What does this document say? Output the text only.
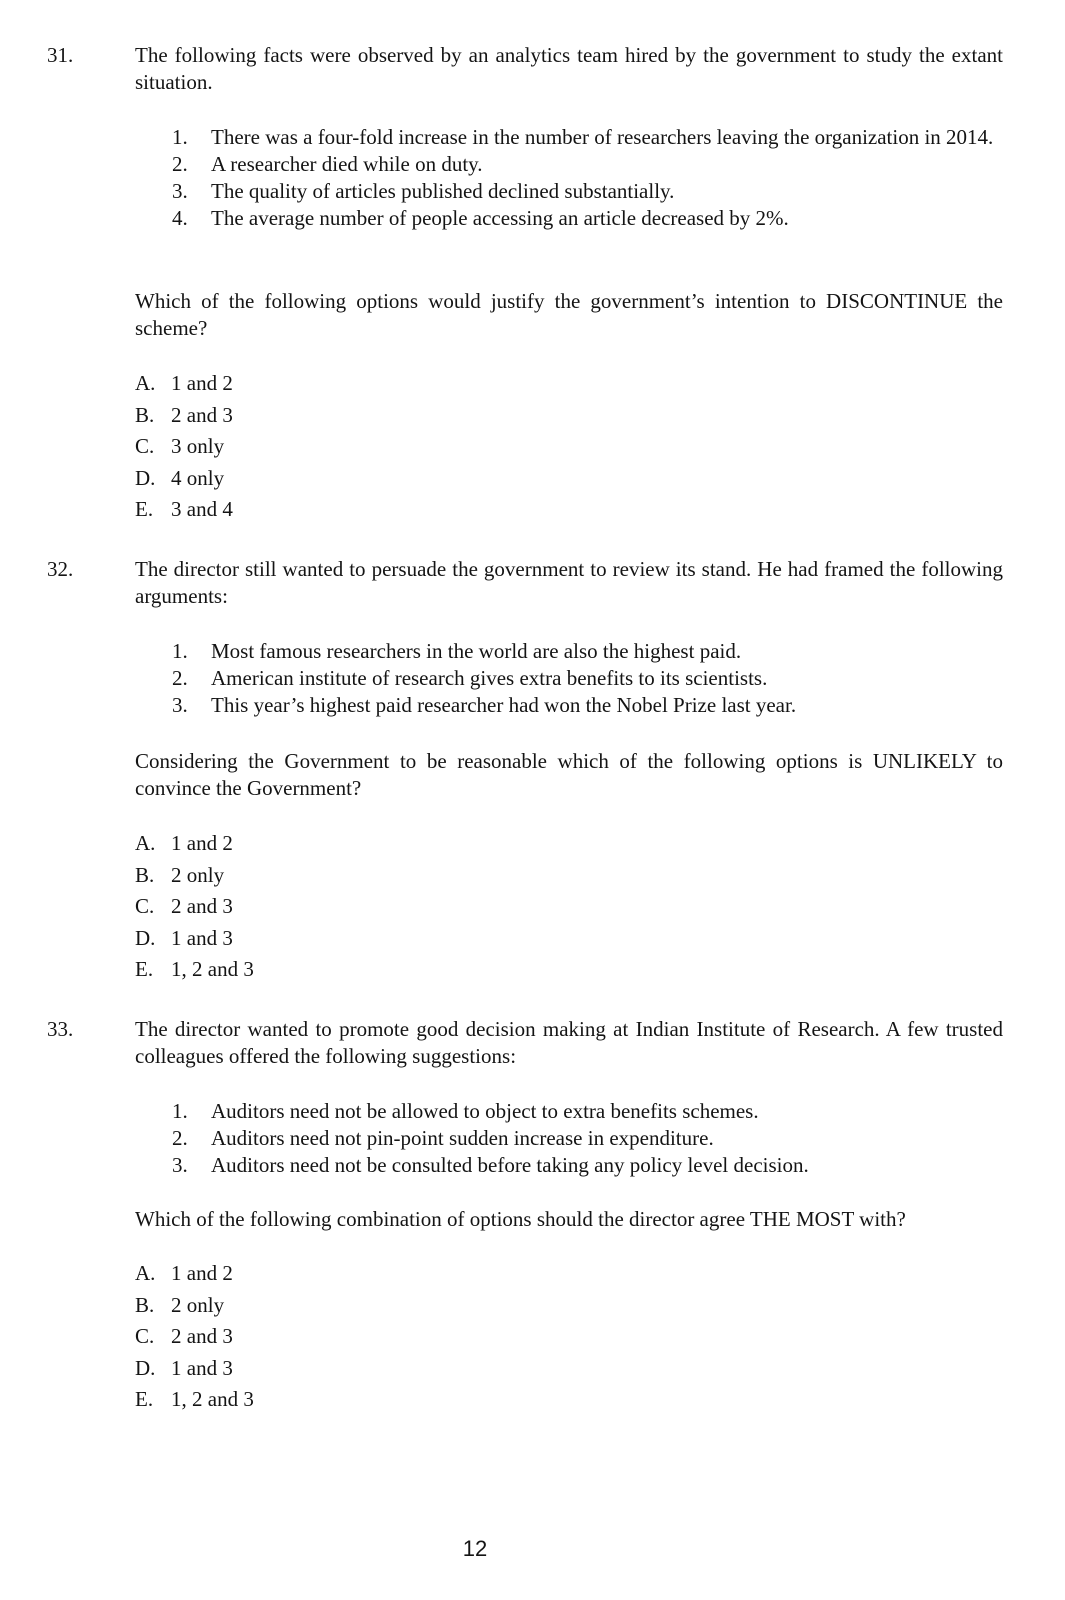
31.	The following facts were observed by an analytics team hired by the government to study the extant situation.
1. There was a four-fold increase in the number of researchers leaving the organization in 2014.
2. A researcher died while on duty.
3. The quality of articles published declined substantially.
4. The average number of people accessing an article decreased by 2%.
Which of the following options would justify the government’s intention to DISCONTINUE the scheme?
A. 1 and 2
B. 2 and 3
C. 3 only
D. 4 only
E. 3 and 4
32.	The director still wanted to persuade the government to review its stand. He had framed the following arguments:
1. Most famous researchers in the world are also the highest paid.
2. American institute of research gives extra benefits to its scientists.
3. This year’s highest paid researcher had won the Nobel Prize last year.
Considering the Government to be reasonable which of the following options is UNLIKELY to convince the Government?
A. 1 and 2
B. 2 only
C. 2 and 3
D. 1 and 3
E. 1, 2 and 3
33.	The director wanted to promote good decision making at Indian Institute of Research. A few trusted colleagues offered the following suggestions:
1. Auditors need not be allowed to object to extra benefits schemes.
2. Auditors need not pin-point sudden increase in expenditure.
3. Auditors need not be consulted before taking any policy level decision.
Which of the following combination of options should the director agree THE MOST with?
A. 1 and 2
B. 2 only
C. 2 and 3
D. 1 and 3
E. 1, 2 and 3
12
